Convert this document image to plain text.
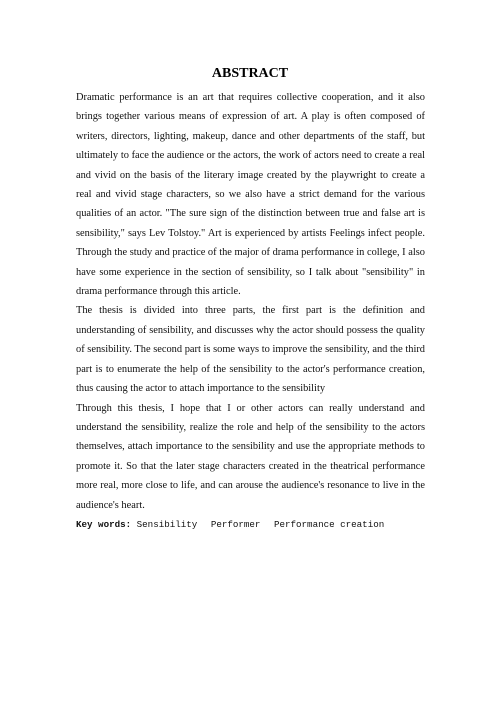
ABSTRACT

Dramatic performance is an art that requires collective cooperation, and it also brings together various means of expression of art. A play is often composed of writers, directors, lighting, makeup, dance and other departments of the staff, but ultimately to face the audience or the actors, the work of actors need to create a real and vivid on the basis of the literary image created by the playwright to create a real and vivid stage characters, so we also have a strict demand for the various qualities of an actor. "The sure sign of the distinction between true and false art is sensibility," says Lev Tolstoy." Art is experienced by artists Feelings infect people. Through the study and practice of the major of drama performance in college, I also have some experience in the section of sensibility, so I talk about "sensibility" in drama performance through this article.

The thesis is divided into three parts, the first part is the definition and understanding of sensibility, and discusses why the actor should possess the quality of sensibility. The second part is some ways to improve the sensibility, and the third part is to enumerate the help of the sensibility to the actor's performance creation, thus causing the actor to attach importance to the sensibility

Through this thesis, I hope that I or other actors can really understand and understand the sensibility, realize the role and help of the sensibility to the actors themselves, attach importance to the sensibility and use the appropriate methods to promote it. So that the later stage characters created in the theatrical performance more real, more close to life, and can arouse the audience's resonance to live in the audience's heart.

Key words: Sensibility Performer Performance creation
